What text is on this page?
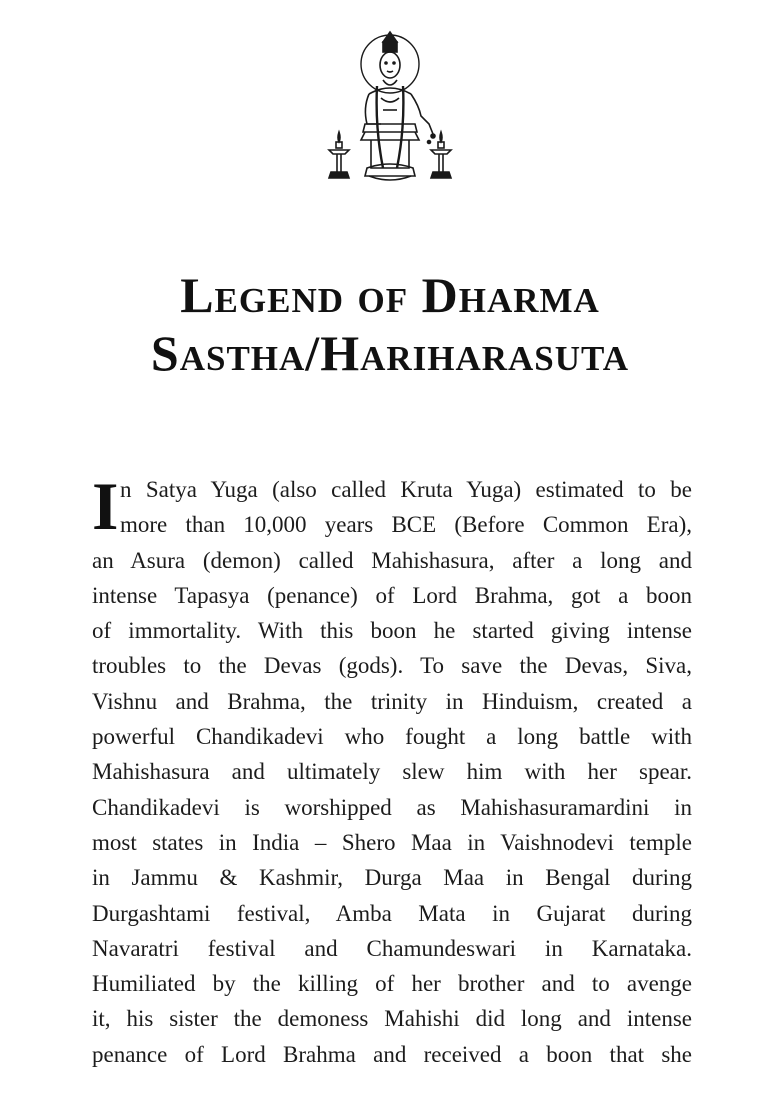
Legend of Dharma
Sastha/Hariharasuta
I n Satya Yuga (also called Kruta Yuga) estimated to be
more than 10,000 years BCE (Before Common Era),
an Asura (demon) called Mahishasura, after a long and
intense Tapasya (penance) of Lord Brahma, got a boon
of immortality. With this boon he started giving intense
troubles to the Devas (gods). To save the Devas, Siva,
Vishnu and Brahma, the trinity in Hinduism, created a
powerful Chandikadevi who fought a long battle with
Mahishasura and ultimately slew him with her spear.
Chandikadevi is worshipped as Mahishasuramardini in
most states in India – Shero Maa in Vaishnodevi temple
in Jammu & Kashmir, Durga Maa in Bengal during
Durgashtami festival, Amba Mata in Gujarat during
Navaratri festival and Chamundeswari in Karnataka.
Humiliated by the killing of her brother and to avenge
it, his sister the demoness Mahishi did long and intense
penance of Lord Brahma and received a boon that she
